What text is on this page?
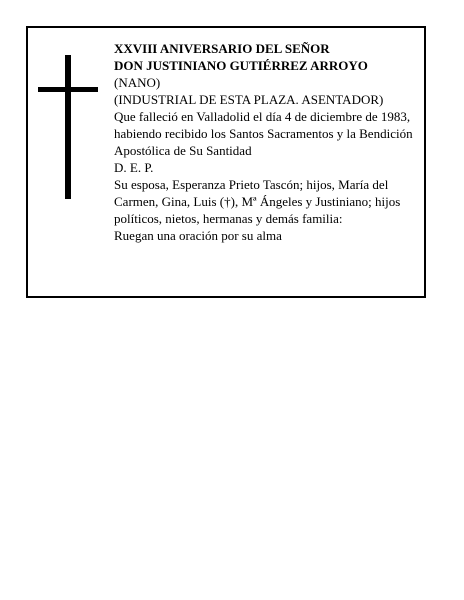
XXVIII ANIVERSARIO DEL SEÑOR
DON JUSTINIANO GUTIÉRREZ ARROYO
(NANO)
(INDUSTRIAL DE ESTA PLAZA. ASENTADOR)
Que falleció en Valladolid el día 4 de diciembre de 1983, habiendo recibido los Santos Sacramentos y la Bendición Apostólica de Su Santidad
D. E. P.
Su esposa, Esperanza Prieto Tascón; hijos, María del Carmen, Gina, Luis (†), Mª Ángeles y Justiniano; hijos políticos, nietos, hermanas y demás familia:
Ruegan una oración por su alma
